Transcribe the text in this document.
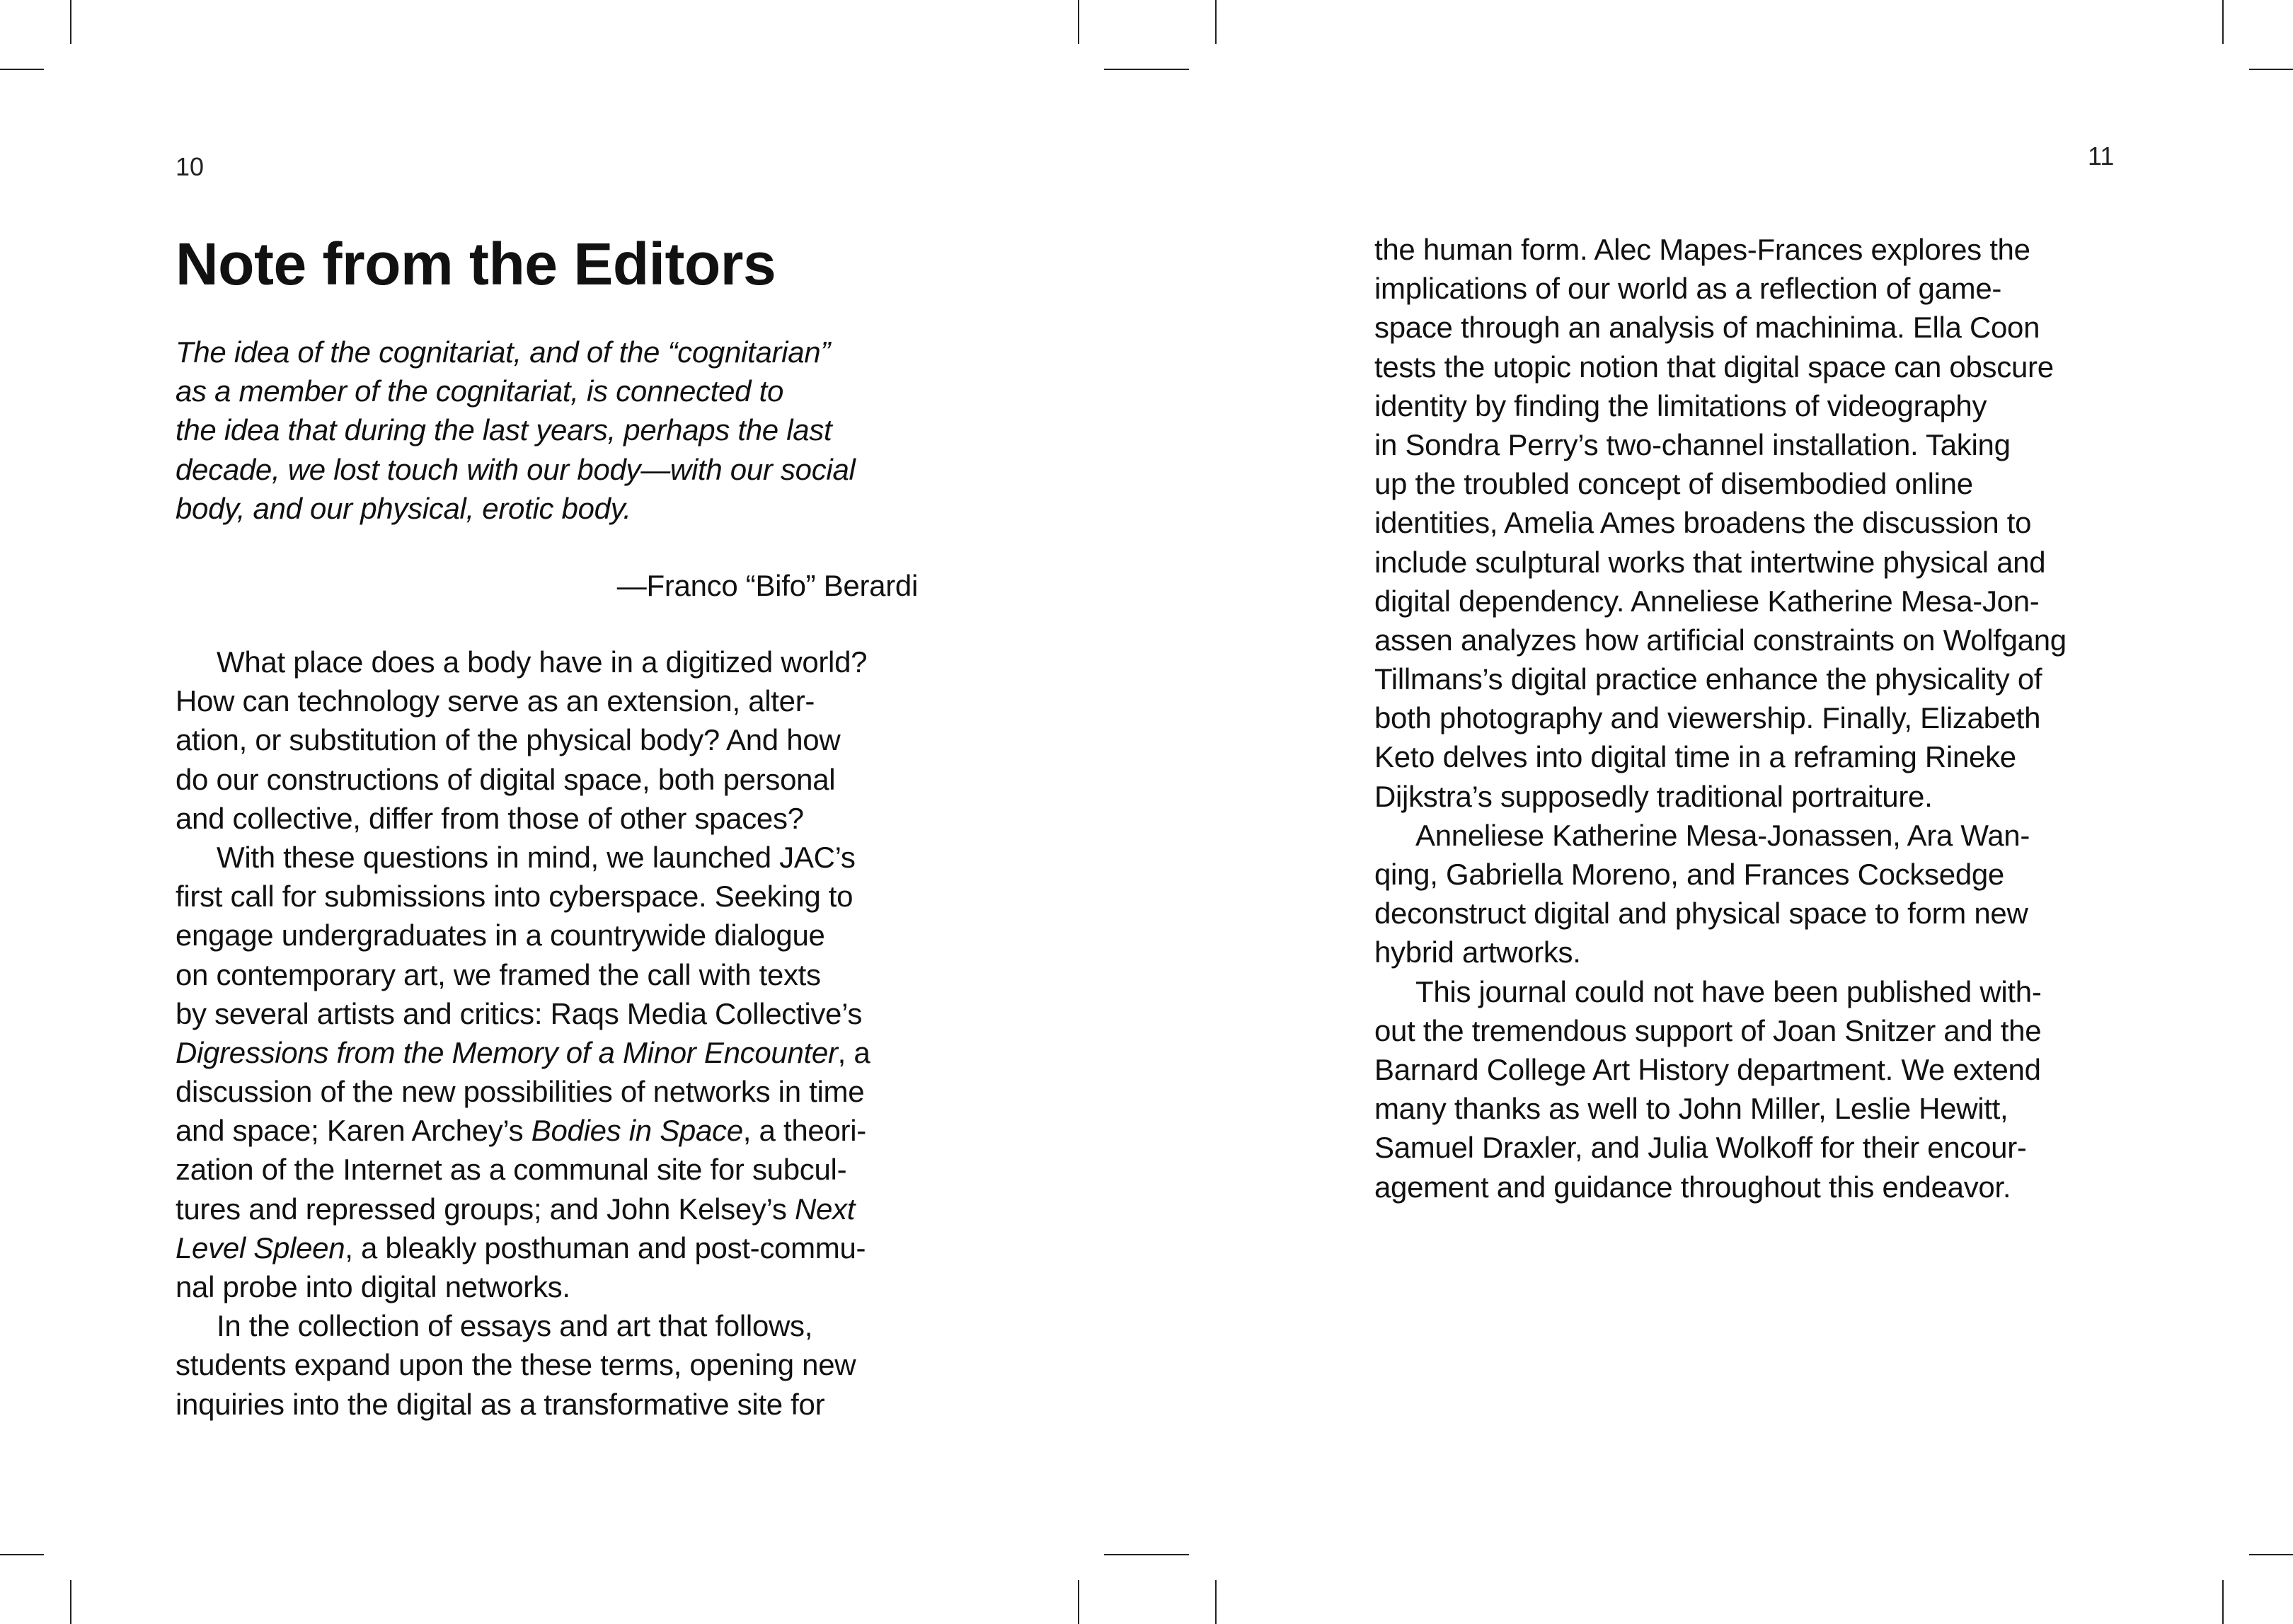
10
Note from the Editors
The idea of the cognitariat, and of the “cognitarian”
as a member of the cognitariat, is connected to
the idea that during the last years, perhaps the last
decade, we lost touch with our body—with our social
body, and our physical, erotic body.
—Franco “Bifo” Berardi
What place does a body have in a digitized world?
How can technology serve as an extension, alter-
ation, or substitution of the physical body? And how
do our constructions of digital space, both personal
and collective, differ from those of other spaces?
With these questions in mind, we launched JAC’s
first call for submissions into cyberspace. Seeking to
engage undergraduates in a countrywide dialogue
on contemporary art, we framed the call with texts
by several artists and critics: Raqs Media Collective’s
Digressions from the Memory of a Minor Encounter, a
discussion of the new possibilities of networks in time
and space; Karen Archey’s Bodies in Space, a theori-
zation of the Internet as a communal site for subcul-
tures and repressed groups; and John Kelsey’s Next
Level Spleen, a bleakly posthuman and post-commu-
nal probe into digital networks.
In the collection of essays and art that follows,
students expand upon the these terms, opening new
inquiries into the digital as a transformative site for
11
the human form. Alec Mapes-Frances explores the
implications of our world as a reflection of game-
space through an analysis of machinima. Ella Coon
tests the utopic notion that digital space can obscure
identity by finding the limitations of videography
in Sondra Perry’s two-channel installation. Taking
up the troubled concept of disembodied online
identities, Amelia Ames broadens the discussion to
include sculptural works that intertwine physical and
digital dependency. Anneliese Katherine Mesa-Jon-
assen analyzes how artificial constraints on Wolfgang
Tillmans’s digital practice enhance the physicality of
both photography and viewership. Finally, Elizabeth
Keto delves into digital time in a reframing Rineke
Dijkstra’s supposedly traditional portraiture.
Anneliese Katherine Mesa-Jonassen, Ara Wan-
qing, Gabriella Moreno, and Frances Cocksedge
deconstruct digital and physical space to form new
hybrid artworks.
This journal could not have been published with-
out the tremendous support of Joan Snitzer and the
Barnard College Art History department. We extend
many thanks as well to John Miller, Leslie Hewitt,
Samuel Draxler, and Julia Wolkoff for their encour-
agement and guidance throughout this endeavor.
